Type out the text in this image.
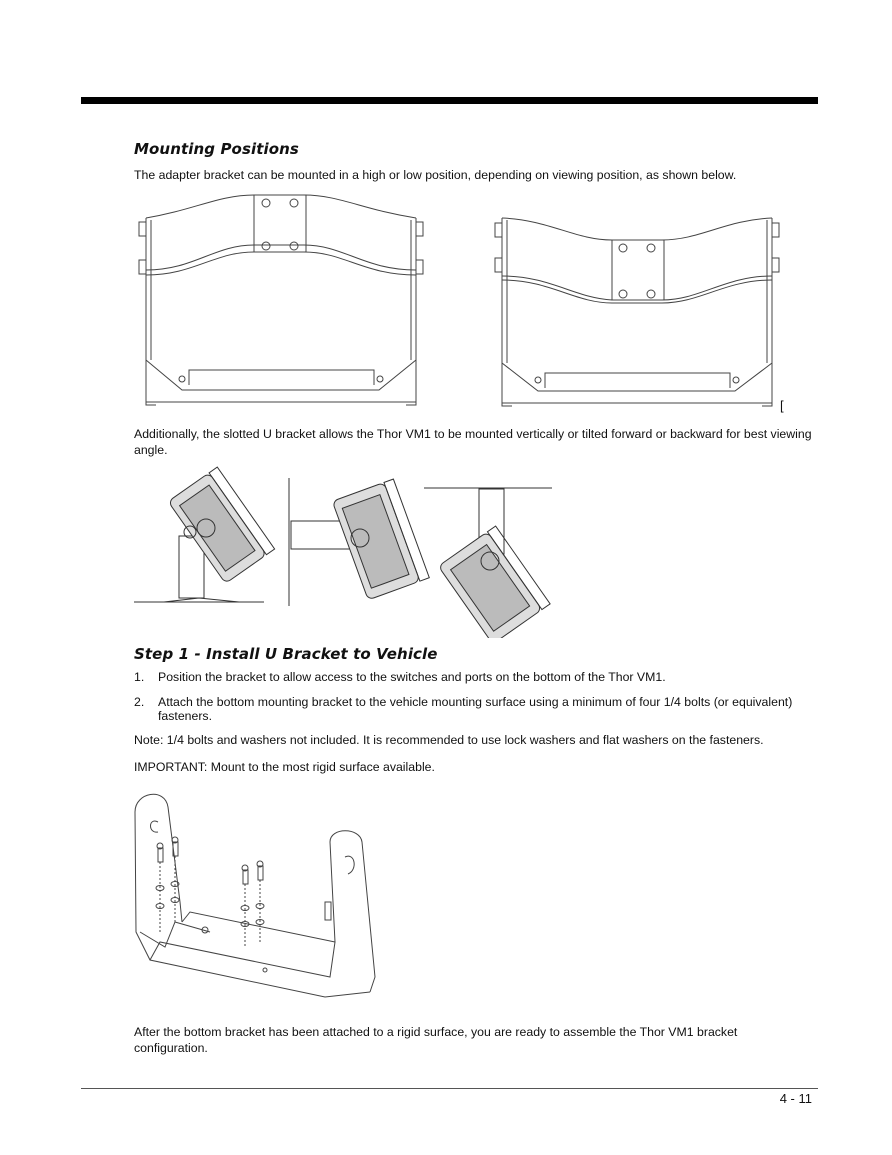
Mounting Positions
The adapter bracket can be mounted in a high or low position, depending on viewing position, as shown below.
[
Additionally, the slotted U bracket allows the Thor VM1 to be mounted vertically or tilted forward or backward for best viewing angle.
Step 1 - Install U Bracket to Vehicle
1. Position the bracket to allow access to the switches and ports on the bottom of the Thor VM1.
2. Attach the bottom mounting bracket to the vehicle mounting surface using a minimum of four 1/4 bolts (or equivalent) fasteners.
Note: 1/4 bolts and washers not included. It is recommended to use lock washers and flat washers on the fasteners.
IMPORTANT: Mount to the most rigid surface available.
After the bottom bracket has been attached to a rigid surface, you are ready to assemble the Thor VM1 bracket configuration.
4 - 11
